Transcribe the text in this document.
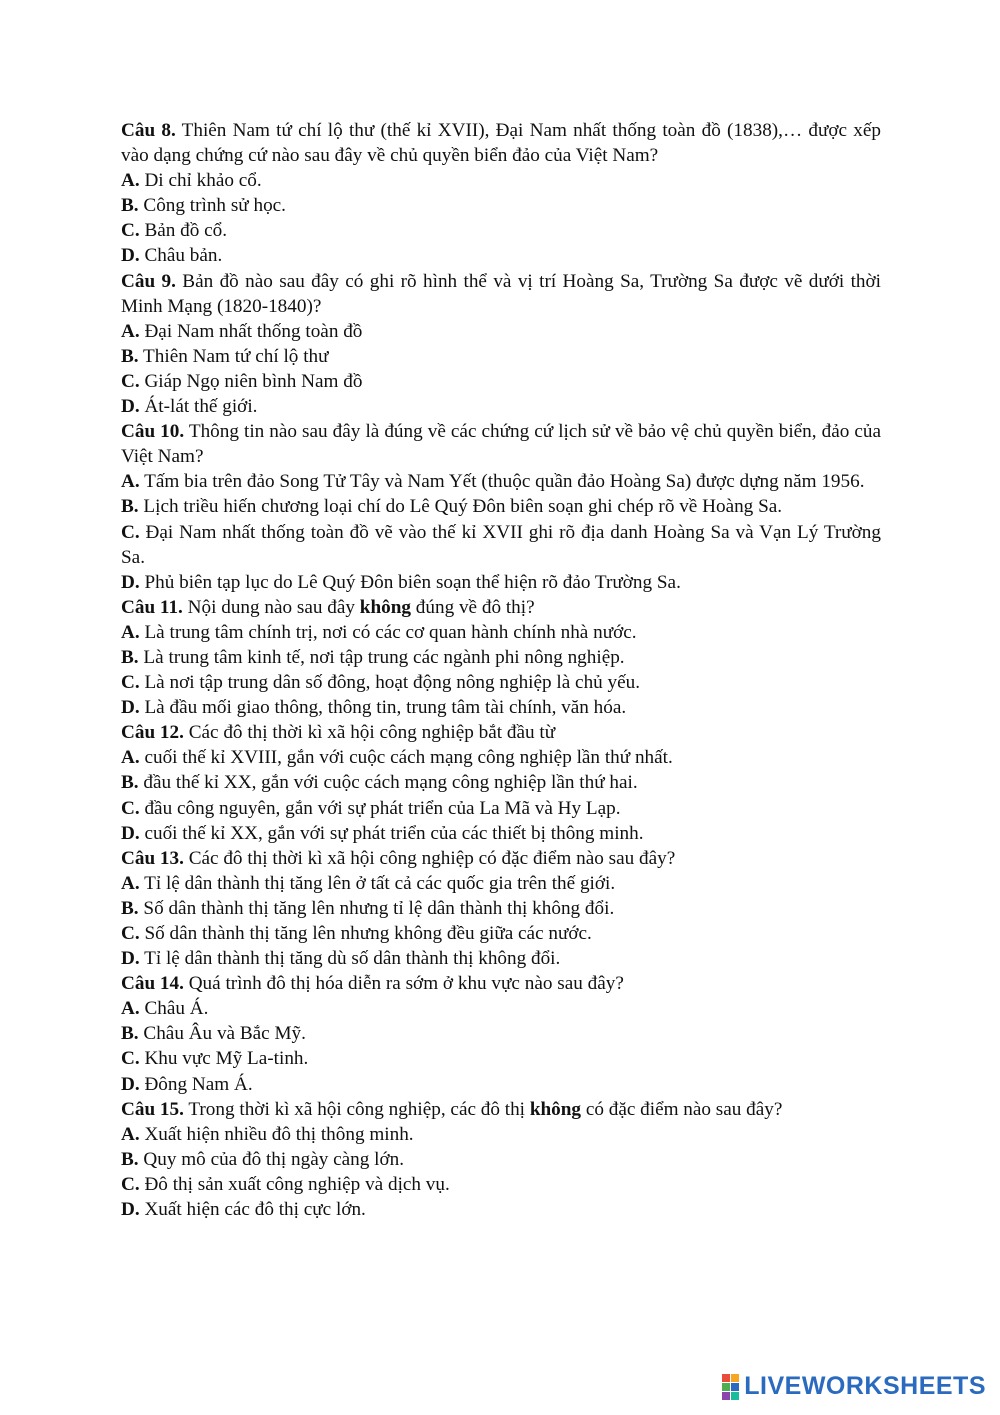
Câu 8. Thiên Nam tứ chí lộ thư (thế kỉ XVII), Đại Nam nhất thống toàn đồ (1838),… được xếp vào dạng chứng cứ nào sau đây về chủ quyền biển đảo của Việt Nam?

A. Di chỉ khảo cổ.

B. Công trình sử học.

C. Bản đồ cổ.

D. Châu bản.

Câu 9. Bản đồ nào sau đây có ghi rõ hình thể và vị trí Hoàng Sa, Trường Sa được vẽ dưới thời Minh Mạng (1820-1840)?

A. Đại Nam nhất thống toàn đồ

B. Thiên Nam tứ chí lộ thư

C. Giáp Ngọ niên bình Nam đồ

D. Át-lát thế giới.

Câu 10. Thông tin nào sau đây là đúng về các chứng cứ lịch sử về bảo vệ chủ quyền biển, đảo của Việt Nam?

A. Tấm bia trên đảo Song Tử Tây và Nam Yết (thuộc quần đảo Hoàng Sa) được dựng năm 1956.

B. Lịch triều hiến chương loại chí do Lê Quý Đôn biên soạn ghi chép rõ về Hoàng Sa.

C. Đại Nam nhất thống toàn đồ vẽ vào thế kỉ XVII ghi rõ địa danh Hoàng Sa và Vạn Lý Trường Sa.

D. Phủ biên tạp lục do Lê Quý Đôn biên soạn thể hiện rõ đảo Trường Sa.

Câu 11. Nội dung nào sau đây không đúng về đô thị?

A. Là trung tâm chính trị, nơi có các cơ quan hành chính nhà nước.

B. Là trung tâm kinh tế, nơi tập trung các ngành phi nông nghiệp.

C. Là nơi tập trung dân số đông, hoạt động nông nghiệp là chủ yếu.

D. Là đầu mối giao thông, thông tin, trung tâm tài chính, văn hóa.

Câu 12. Các đô thị thời kì xã hội công nghiệp bắt đầu từ

A. cuối thế kỉ XVIII, gắn với cuộc cách mạng công nghiệp lần thứ nhất.

B. đầu thế kỉ XX, gắn với cuộc cách mạng công nghiệp lần thứ hai.

C. đầu công nguyên, gắn với sự phát triển của La Mã và Hy Lạp.

D. cuối thế kỉ XX, gắn với sự phát triển của các thiết bị thông minh.

Câu 13. Các đô thị thời kì xã hội công nghiệp có đặc điểm nào sau đây?

A. Tỉ lệ dân thành thị tăng lên ở tất cả các quốc gia trên thế giới.

B. Số dân thành thị tăng lên nhưng tỉ lệ dân thành thị không đổi.

C. Số dân thành thị tăng lên nhưng không đều giữa các nước.

D. Tỉ lệ dân thành thị tăng dù số dân thành thị không đổi.

Câu 14. Quá trình đô thị hóa diễn ra sớm ở khu vực nào sau đây?

A. Châu Á.

B. Châu Âu và Bắc Mỹ.

C. Khu vực Mỹ La-tinh.

D. Đông Nam Á.

Câu 15. Trong thời kì xã hội công nghiệp, các đô thị không có đặc điểm nào sau đây?

A. Xuất hiện nhiều đô thị thông minh.

B. Quy mô của đô thị ngày càng lớn.

C. Đô thị sản xuất công nghiệp và dịch vụ.

D. Xuất hiện các đô thị cực lớn.

LIVEWORKSHEETS
